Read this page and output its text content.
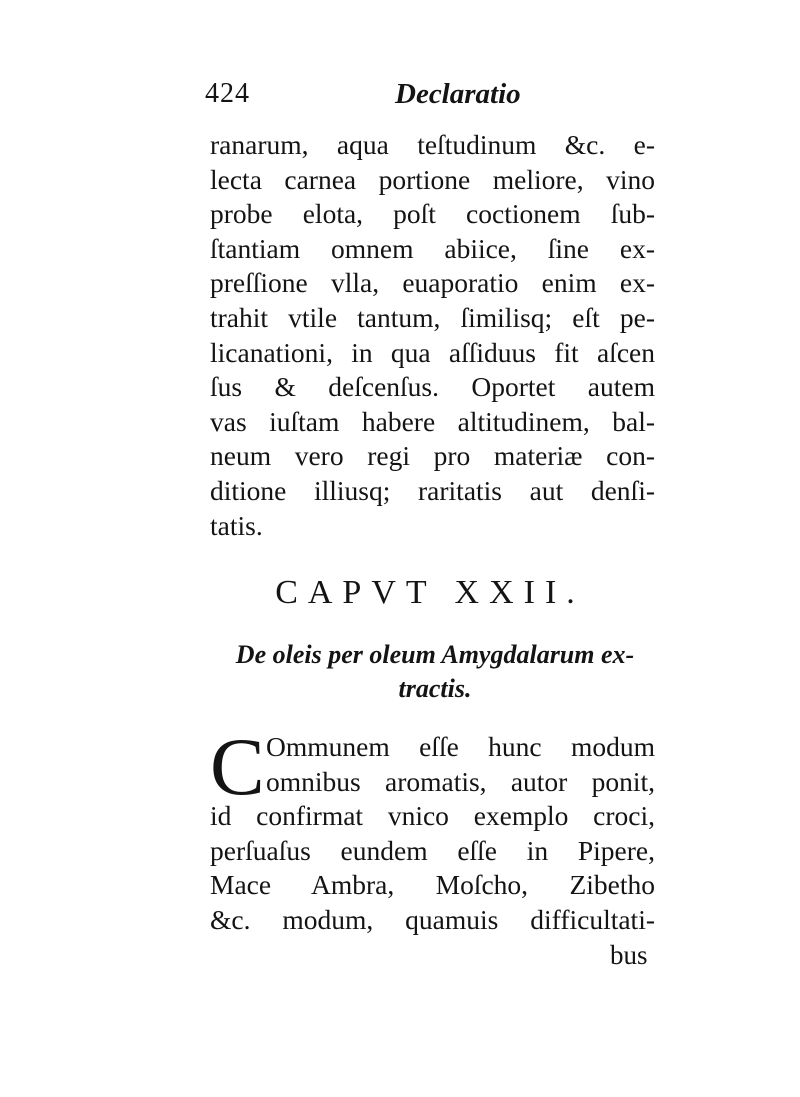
424	Declaratio
ranarum, aqua teſtudinum &c. e-
lecta carnea portione meliore, vino
probe elota, poſt coctionem ſub-
ſtantiam omnem abiice, ſine ex-
preſſione vlla, euaporatio enim ex-
trahit vtile tantum, ſimilisq; eſt pe-
licanationi, in qua aſſiduus fit aſcen
ſus & deſcenſus. Oportet autem
vas iuſtam habere altitudinem, bal-
neum vero regi pro materiæ con-
ditione illiusq; raritatis aut denſi-
tatis.
CAPVT XXII.
De oleis per oleum Amygdalarum ex-
tractis.
C Ommunem eſſe hunc modum
omnibus aromatis, autor ponit,
id confirmat vnico exemplo croci,
perſuaſus eundem eſſe in Pipere,
Mace Ambra, Moſcho, Zibetho
&c. modum, quamuis difficultati-
bus
